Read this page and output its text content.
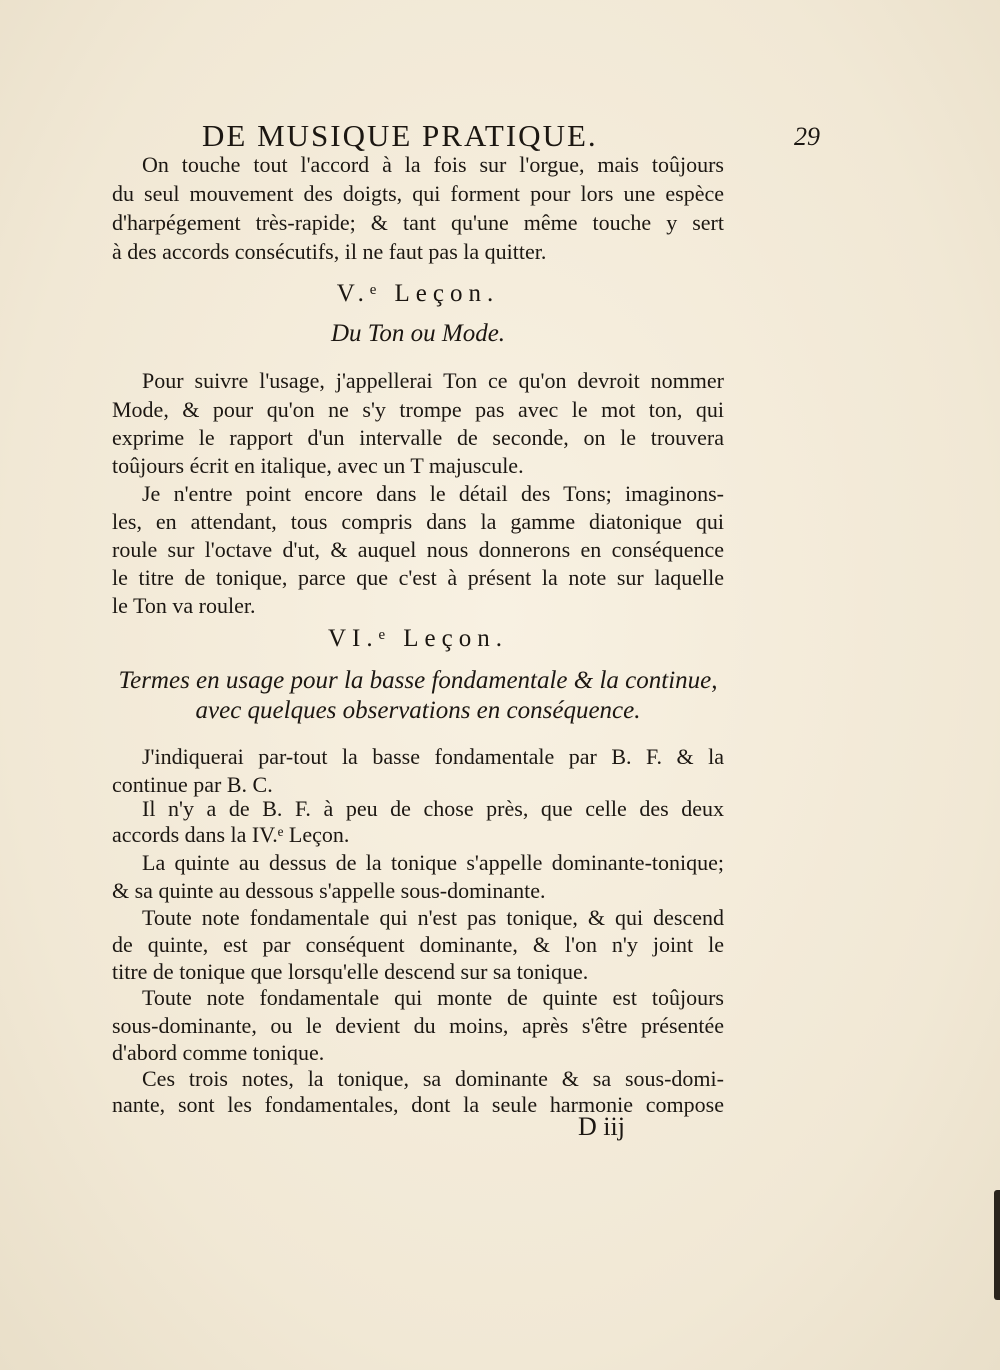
DE MUSIQUE PRATIQUE.	29
On touche tout l'accord à la fois sur l'orgue, mais toûjours
du seul mouvement des doigts, qui forment pour lors une espèce
d'harpégement très-rapide; & tant qu'une même touche y sert
à des accords consécutifs, il ne faut pas la quitter.
V.ᵉ Leçon.
Du Ton ou Mode.
Pour suivre l'usage, j'appellerai Ton ce qu'on devroit nommer
Mode, & pour qu'on ne s'y trompe pas avec le mot ton, qui
exprime le rapport d'un intervalle de seconde, on le trouvera
toûjours écrit en italique, avec un T majuscule.
Je n'entre point encore dans le détail des Tons; imaginons-
les, en attendant, tous compris dans la gamme diatonique qui
roule sur l'octave d'ut, & auquel nous donnerons en conséquence
le titre de tonique, parce que c'est à présent la note sur laquelle
le Ton va rouler.
VI.ᵉ Leçon.
Termes en usage pour la basse fondamentale & la continue,
avec quelques observations en conséquence.
J'indiquerai par-tout la basse fondamentale par B. F. & la
continue par B. C.
Il n'y a de B. F. à peu de chose près, que celle des deux
accords dans la IV.ᵉ Leçon.
La quinte au dessus de la tonique s'appelle dominante-tonique;
& sa quinte au dessous s'appelle sous-dominante.
Toute note fondamentale qui n'est pas tonique, & qui descend
de quinte, est par conséquent dominante, & l'on n'y joint le
titre de tonique que lorsqu'elle descend sur sa tonique.
Toute note fondamentale qui monte de quinte est toûjours
sous-dominante, ou le devient du moins, après s'être présentée
d'abord comme tonique.
Ces trois notes, la tonique, sa dominante & sa sous-domi-
nante, sont les fondamentales, dont la seule harmonie compose
D iij
